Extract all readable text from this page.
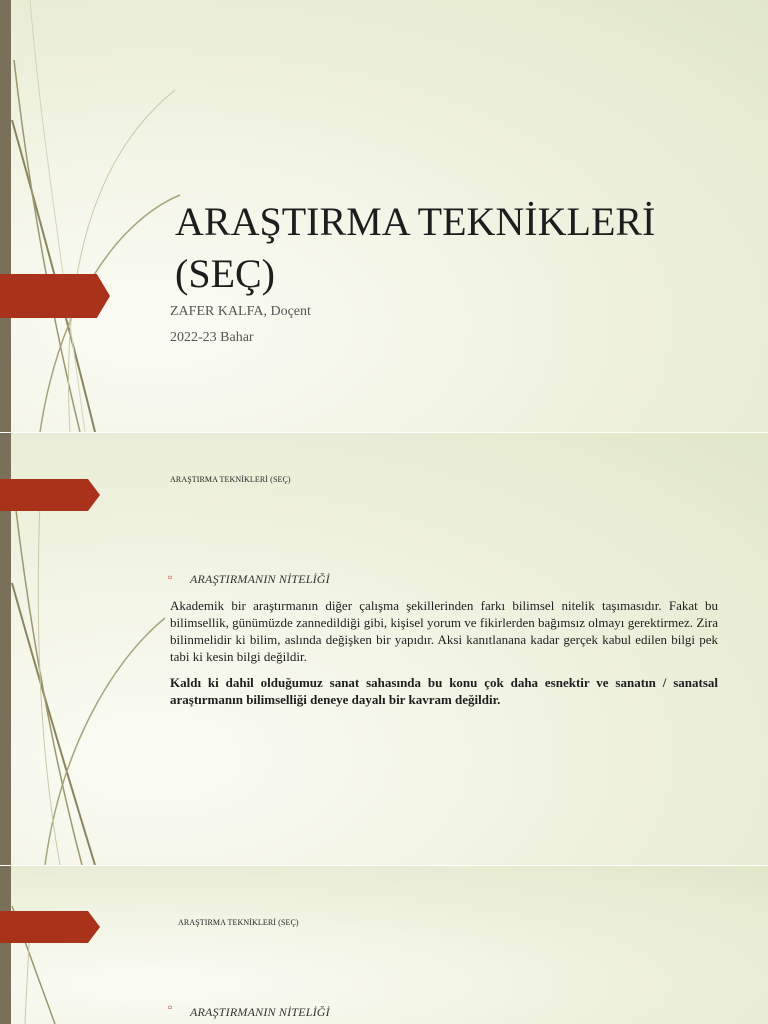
ARAŞTIRMA TEKNİKLERİ
(SEÇ)
ZAFER KALFA, Doçent
2022-23 Bahar
ARAŞTIRMA TEKNİKLERİ (SEÇ)
▫ ARAŞTIRMANIN NİTELİĞİ

Akademik bir araştırmanın diğer çalışma şekillerinden farkı bilimsel nitelik taşımasıdır. Fakat bu bilimsellik, günümüzde zannedildiği gibi, kişisel yorum ve fikirlerden bağımsız olmayı gerektirmez. Zira bilinmelidir ki bilim, aslında değişken bir yapıdır. Aksi kanıtlanana kadar gerçek kabul edilen bilgi pek tabi ki kesin bilgi değildir.

Kaldı ki dahil olduğumuz sanat sahasında bu konu çok daha esnektir ve sanatın / sanatsal araştırmanın bilimselliği deneye dayalı bir kavram değildir.

ARAŞTIRMA TEKNİKLERİ (SEÇ)
▫ ARAŞTIRMANIN NİTELİĞİ
